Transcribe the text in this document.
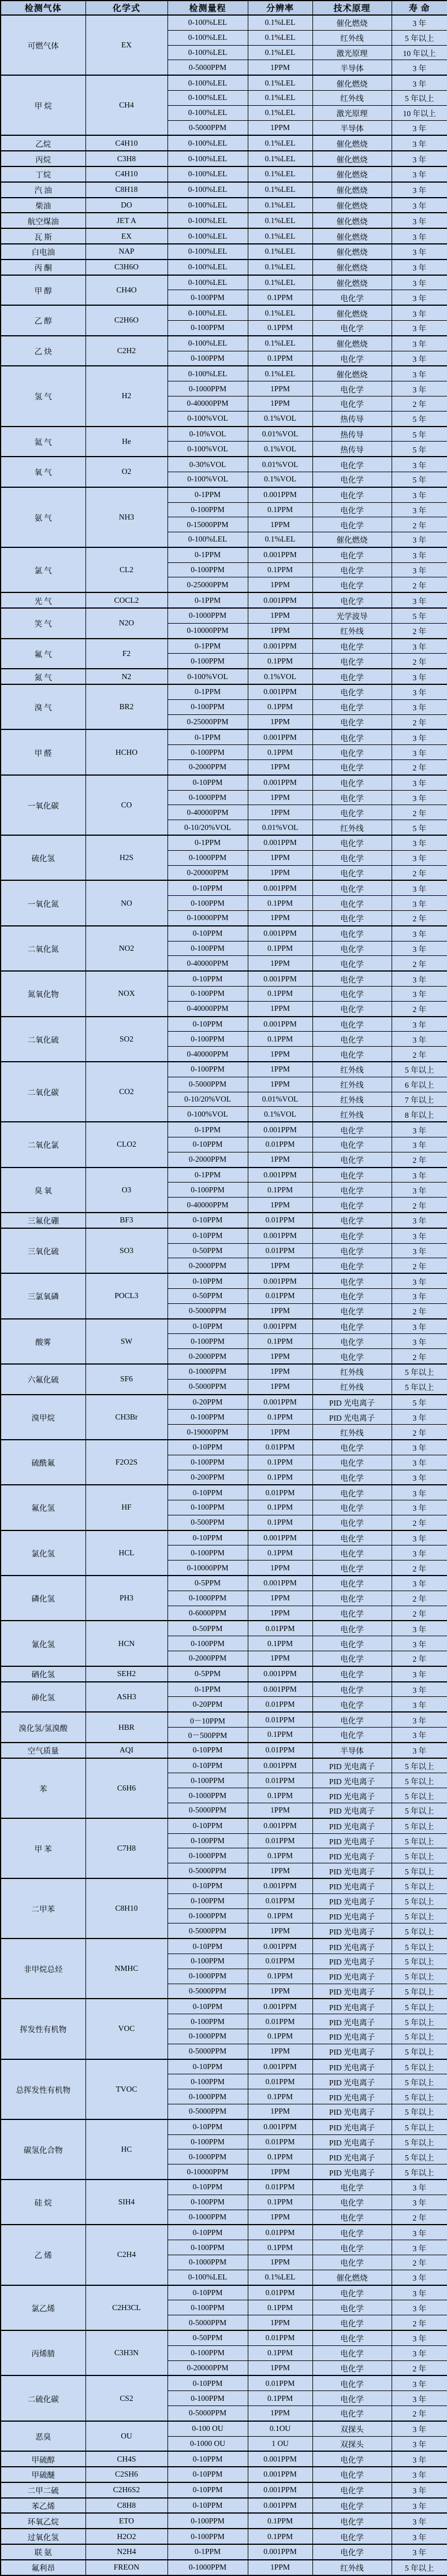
检测气体	化学式	检测量程	分辨率	技术原理	寿 命
可燃气体	EX	0-100%LEL	0.1%LEL	催化燃烧	3 年
		0-100%LEL	0.1%LEL	红外线	5 年以上
		0-100%LEL	0.1%LEL	激光原理	10 年以上
		0-5000PPM	1PPM	半导体	3 年
甲 烷	CH4	0-100%LEL	0.1%LEL	催化燃烧	3 年
		0-100%LEL	0.1%LEL	红外线	5 年以上
		0-100%LEL	0.1%LEL	激光原理	10 年以上
		0-5000PPM	1PPM	半导体	3 年
乙烷	C4H10	0-100%LEL	0.1%LEL	催化燃烧	3 年
丙烷	C3H8	0-100%LEL	0.1%LEL	催化燃烧	3 年
丁烷	C4H10	0-100%LEL	0.1%LEL	催化燃烧	3 年
汽 油	C8H18	0-100%LEL	0.1%LEL	催化燃烧	3 年
柴油	DO	0-100%LEL	0.1%LEL	催化燃烧	3 年
航空煤油	JET A	0-100%LEL	0.1%LEL	催化燃烧	3 年
瓦 斯	EX	0-100%LEL	0.1%LEL	催化燃烧	3 年
白电油	NAP	0-100%LEL	0.1%LEL	催化燃烧	3 年
丙 酮	C3H6O	0-100%LEL	0.1%LEL	催化燃烧	3 年
甲 醇	CH4O	0-100%LEL	0.1%LEL	催化燃烧	3 年
		0-100PPM	0.1PPM	电化学	3 年
乙 醇	C2H6O	0-100%LEL	0.1%LEL	催化燃烧	3 年
		0-100PPM	0.1PPM	电化学	3 年
乙 炔	C2H2	0-100%LEL	0.1%LEL	催化燃烧	3 年
		0-100PPM	0.1PPM	电化学	3 年
氢 气	H2	0-100%LEL	0.1%LEL	催化燃烧	3 年
		0-1000PPM	1PPM	电化学	3 年
		0-40000PPM	1PPM	电化学	2 年
		0-100%VOL	0.1%VOL	热传导	5 年
氦 气	He	0-10%VOL	0.01%VOL	热传导	5 年
		0-100%VOL	0.1%VOL	热传导	5 年
氧 气	O2	0-30%VOL	0.01%VOL	电化学	3 年
		0-100%VOL	0.1%VOL	电化学	5 年
氨 气	NH3	0-1PPM	0.001PPM	电化学	3 年
		0-100PPM	0.1PPM	电化学	3 年
		0-15000PPM	1PPM	电化学	2 年
		0-100%LEL	0.1%LEL	催化燃烧	3 年
氯 气	CL2	0-1PPM	0.001PPM	电化学	3 年
		0-100PPM	0.1PPM	电化学	3 年
		0-25000PPM	1PPM	电化学	2 年
光 气	COCL2	0-1PPM	0.001PPM	电化学	3 年
笑 气	N2O	0-1000PPM	1PPM	光学波导	5 年
		0-10000PPM	1PPM	红外线	2 年
氟 气	F2	0-1PPM	0.001PPM	电化学	3 年
		0-100PPM	0.1PPM	电化学	2 年
氮 气	N2	0-100%VOL	0.1%VOL	电化学	3 年
溴 气	BR2	0-1PPM	0.001PPM	电化学	3 年
		0-100PPM	0.1PPM	电化学	3 年
		0-25000PPM	1PPM	电化学	2 年
甲 醛	HCHO	0-1PPM	0.001PPM	电化学	3 年
		0-100PPM	0.1PPM	电化学	3 年
		0-2000PPM	1PPM	电化学	2 年
一氧化碳	CO	0-10PPM	0.001PPM	电化学	3 年
		0-1000PPM	1PPM	电化学	3 年
		0-40000PPM	1PPM	电化学	2 年
		0-10/20%VOL	0.01%VOL	红外线	5 年
硫化氢	H2S	0-1PPM	0.001PPM	电化学	3 年
		0-1000PPM	1PPM	电化学	3 年
		0-20000PPM	1PPM	电化学	2 年
一氧化氮	NO	0-10PPM	0.001PPM	电化学	3 年
		0-100PPM	0.1PPM	电化学	3 年
		0-10000PPM	1PPM	电化学	2 年
二氧化氮	NO2	0-10PPM	0.001PPM	电化学	3 年
		0-100PPM	0.1PPM	电化学	3 年
		0-40000PPM	1PPM	电化学	2 年
氮氧化物	NOX	0-10PPM	0.001PPM	电化学	3 年
		0-100PPM	0.1PPM	电化学	3 年
		0-40000PPM	1PPM	电化学	2 年
二氧化硫	SO2	0-10PPM	0.001PPM	电化学	3 年
		0-100PPM	0.1PPM	电化学	3 年
		0-40000PPM	1PPM	电化学	2 年
二氧化碳	CO2	0-100PPM	1PPM	红外线	5 年以上
		0-5000PPM	1PPM	红外线	6 年以上
		0-10/20%VOL	0.01%VOL	红外线	7 年以上
		0-100%VOL	0.1%VOL	红外线	8 年以上
二氧化氯	CLO2	0-1PPM	0.001PPM	电化学	3 年
		0-10PPM	0.01PPM	电化学	3 年
		0-2000PPM	1PPM	电化学	2 年
臭 氧	O3	0-1PPM	0.001PPM	电化学	3 年
		0-100PPM	0.1PPM	电化学	3 年
		0-40000PPM	1PPM	电化学	2 年
三氟化硼	BF3	0-10PPM	0.01PPM	电化学	3 年
三氧化硫	SO3	0-10PPM	0.001PPM	电化学	3 年
		0-50PPM	0.01PPM	电化学	3 年
		0-2000PPM	1PPM	电化学	2 年
三氯氧磷	POCL3	0-10PPM	0.001PPM	电化学	3 年
		0-50PPM	0.01PPM	电化学	3 年
		0-5000PPM	1PPM	电化学	2 年
酸雾	SW	0-10PPM	0.001PPM	电化学	3 年
		0-100PPM	0.1PPM	电化学	3 年
		0-2000PPM	1PPM	电化学	2 年
六氟化硫	SF6	0-1000PPM	1PPM	红外线	5 年以上
		0-5000PPM	1PPM	红外线	5 年以上
溴甲烷	CH3Br	0-20PPM	0.001PPM	PID 光电离子	5 年
		0-100PPM	0.1PPM	PID 光电离子	3 年
		0-19000PPM	1PPM	红外线	2 年
硫酰氟	F2O2S	0-10PPM	0.01PPM	电化学	3 年
		0-100PPM	0.1PPM	电化学	3 年
		0-200PPM	0.1PPM	电化学	3 年
氟化氢	HF	0-10PPM	0.01PPM	电化学	3 年
		0-100PPM	0.1PPM	电化学	3 年
		0-500PPM	0.1PPM	电化学	2 年
氯化氢	HCL	0-10PPM	0.001PPM	电化学	3 年
		0-100PPM	0.1PPM	电化学	3 年
		0-10000PPM	1PPM	电化学	2 年
磷化氢	PH3	0-5PPM	0.001PPM	电化学	3 年
		0-1000PPM	1PPM	电化学	2 年
		0-6000PPM	1PPM	电化学	2 年
氰化氢	HCN	0-50PPM	0.01PPM	电化学	3 年
		0-100PPM	0.1PPM	电化学	3 年
		0-2000PPM	1PPM	电化学	2 年
硒化氢	SEH2	0-5PPM	0.001PPM	电化学	3 年
砷化氢	ASH3	0-1PPM	0.001PPM	电化学	3 年
		0-20PPM	0.01PPM	电化学	3 年
溴化氢/氢溴酸	HBR	0－10PPM	0.01PPM	电化学	3 年
		0－500PPM	0.1PPM	电化学	3 年
空气质量	AQI	0-10PPM	0.01PPM	半导体	3 年
苯	C6H6	0-10PPM	0.001PPM	PID 光电离子	5 年以上
		0-100PPM	0.01PPM	PID 光电离子	5 年以上
		0-1000PPM	0.1PPM	PID 光电离子	5 年以上
		0-5000PPM	1PPM	PID 光电离子	5 年以上
甲 苯	C7H8	0-10PPM	0.001PPM	PID 光电离子	5 年以上
		0-100PPM	0.01PPM	PID 光电离子	5 年以上
		0-1000PPM	0.1PPM	PID 光电离子	5 年以上
		0-5000PPM	1PPM	PID 光电离子	5 年以上
二甲苯	C8H10	0-10PPM	0.001PPM	PID 光电离子	5 年以上
		0-100PPM	0.01PPM	PID 光电离子	5 年以上
		0-1000PPM	0.1PPM	PID 光电离子	5 年以上
		0-5000PPM	1PPM	PID 光电离子	5 年以上
非甲烷总烃	NMHC	0-10PPM	0.001PPM	PID 光电离子	5 年以上
		0-100PPM	0.01PPM	PID 光电离子	5 年以上
		0-1000PPM	0.1PPM	PID 光电离子	5 年以上
		0-5000PPM	1PPM	PID 光电离子	5 年以上
挥发性有机物	VOC	0-10PPM	0.001PPM	PID 光电离子	5 年以上
		0-100PPM	0.01PPM	PID 光电离子	5 年以上
		0-1000PPM	0.1PPM	PID 光电离子	5 年以上
		0-5000PPM	1PPM	PID 光电离子	5 年以上
总挥发性有机物	TVOC	0-10PPM	0.001PPM	PID 光电离子	5 年以上
		0-100PPM	0.01PPM	PID 光电离子	5 年以上
		0-1000PPM	0.1PPM	PID 光电离子	5 年以上
		0-5000PPM	1PPM	PID 光电离子	5 年以上
碳氢化合物	HC	0-10PPM	0.001PPM	PID 光电离子	5 年以上
		0-100PPM	0.01PPM	PID 光电离子	5 年以上
		0-1000PPM	0.1PPM	PID 光电离子	5 年以上
		0-10000PPM	1PPM	PID 光电离子	5 年以上
硅 烷	SIH4	0-10PPM	0.01PPM	电化学	3 年
		0-100PPM	0.1PPM	电化学	3 年
		0-1000PPM	1PPM	电化学	2 年
乙 烯	C2H4	0-10PPM	0.01PPM	电化学	3 年
		0-100PPM	0.1PPM	电化学	3 年
		0-1000PPM	1PPM	电化学	2 年
		0-100%LEL	0.1%LEL	催化燃烧	3 年
氯乙烯	C2H3CL	0-10PPM	0.01PPM	电化学	3 年
		0-100PPM	0.1PPM	电化学	3 年
		0-5000PPM	1PPM	电化学	2 年
丙烯腈	C3H3N	0-50PPM	0.01PPM	电化学	3 年
		0-100PPM	0.1PPM	电化学	3 年
		0-20000PPM	1PPM	电化学	2 年
二硫化碳	CS2	0-10PPM	0.01PPM	电化学	3 年
		0-100PPM	0.1PPM	电化学	3 年
		0-5000PPM	1PPM	电化学	2 年
恶臭	OU	0-100 OU	0.1OU	双探头	3 年
		0-1000 OU	1 OU	双探头	3 年
甲硫醇	CH4S	0-10PPM	0.001PPM	电化学	3 年
甲硫醚	C2SH6	0-10PPM	0.001PPM	电化学	3 年
二甲二硫	C2H6S2	0-10PPM	0.001PPM	电化学	3 年
苯乙烯	C8H8	0-10PPM	0.001PPM	电化学	3 年
环氧乙烷	ETO	0-100PPM	0.1PPM	电化学	3 年
过氧化氢	H2O2	0-100PPM	0.1PPM	电化学	3 年
联 氨	N2H4	0-1PPM	0.001PPM	电化学	3 年
氟利昂	FREON	0-1000PPM	1PPM	红外线	5 年以上
